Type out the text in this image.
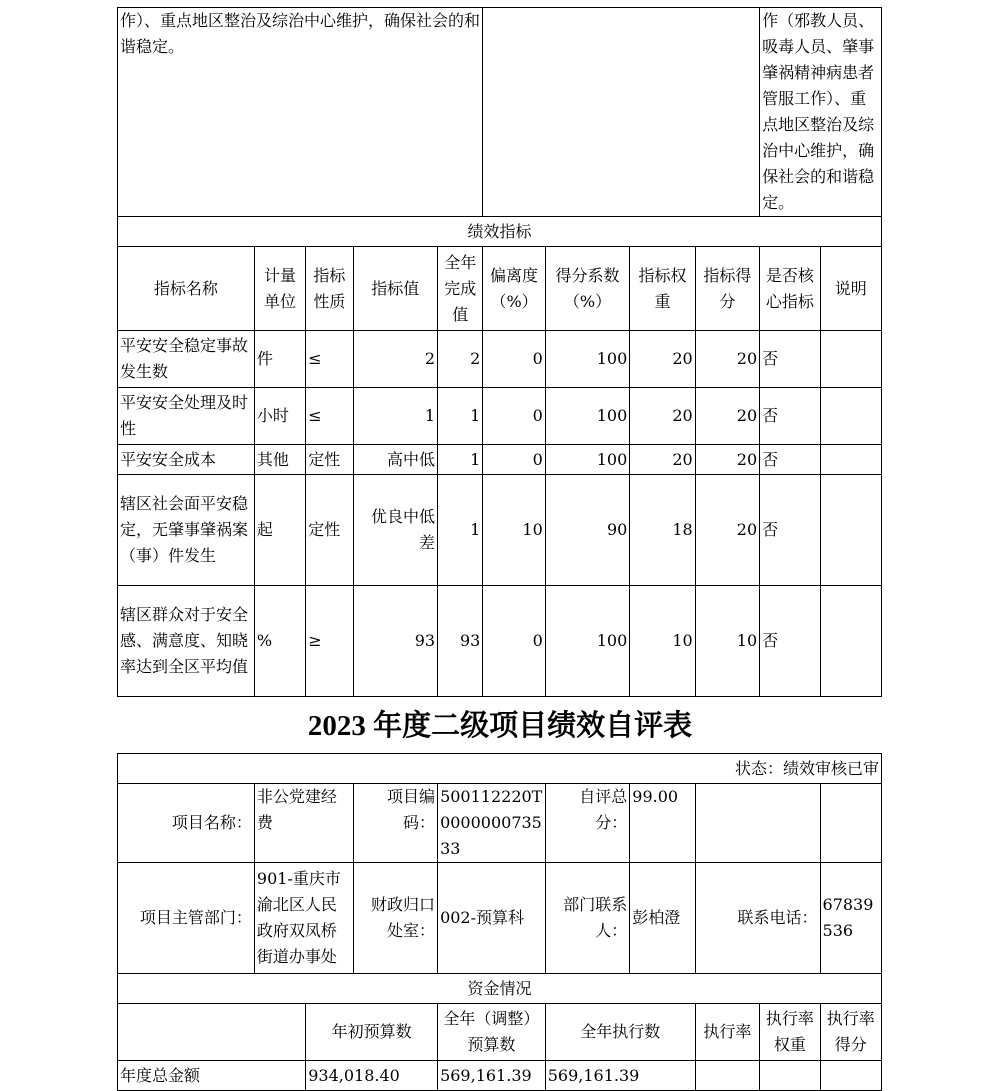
作）、重点地区整治及综治中心维护，确保社会的和谐稳定。									作（邪教人员、吸毒人员、肇事肇祸精神病患者管服工作）、重点地区整治及综治中心维护，确保社会的和谐稳定。	
绩效指标										
指标名称	计量单位	指标性质	指标值	全年完成值	偏离度（%）	得分系数（%）	指标权重	指标得分	是否核心指标	说明
平安安全稳定事故发生数	件	≤	2	2	0	100	20	20	否	
平安安全处理及时性	小时	≤	1	1	0	100	20	20	否	
平安安全成本	其他	定性	高中低	1	0	100	20	20	否	
辖区社会面平安稳定，无肇事肇祸案（事）件发生	起	定性	优良中低差	1	10	90	18	20	否	
辖区群众对于安全感、满意度、知晓率达到全区平均值	%	≥	93	93	0	100	10	10	否	
2023 年度二级项目绩效自评表
状态：绩效审核已审									
项目名称：	非公党建经费		项目编码：	500112220T000000073533	自评总分：	99.00			
项目主管部门：	901-重庆市渝北区人民政府双凤桥街道办事处		财政归口处室：	002-预算科	部门联系人：	彭柏澄	联系电话：		67839536
资金情况									
		年初预算数		全年（调整）预算数	全年执行数		执行率	执行率权重	执行率得分
年度总金额		934,018.40		569,161.39	569,161.39				
